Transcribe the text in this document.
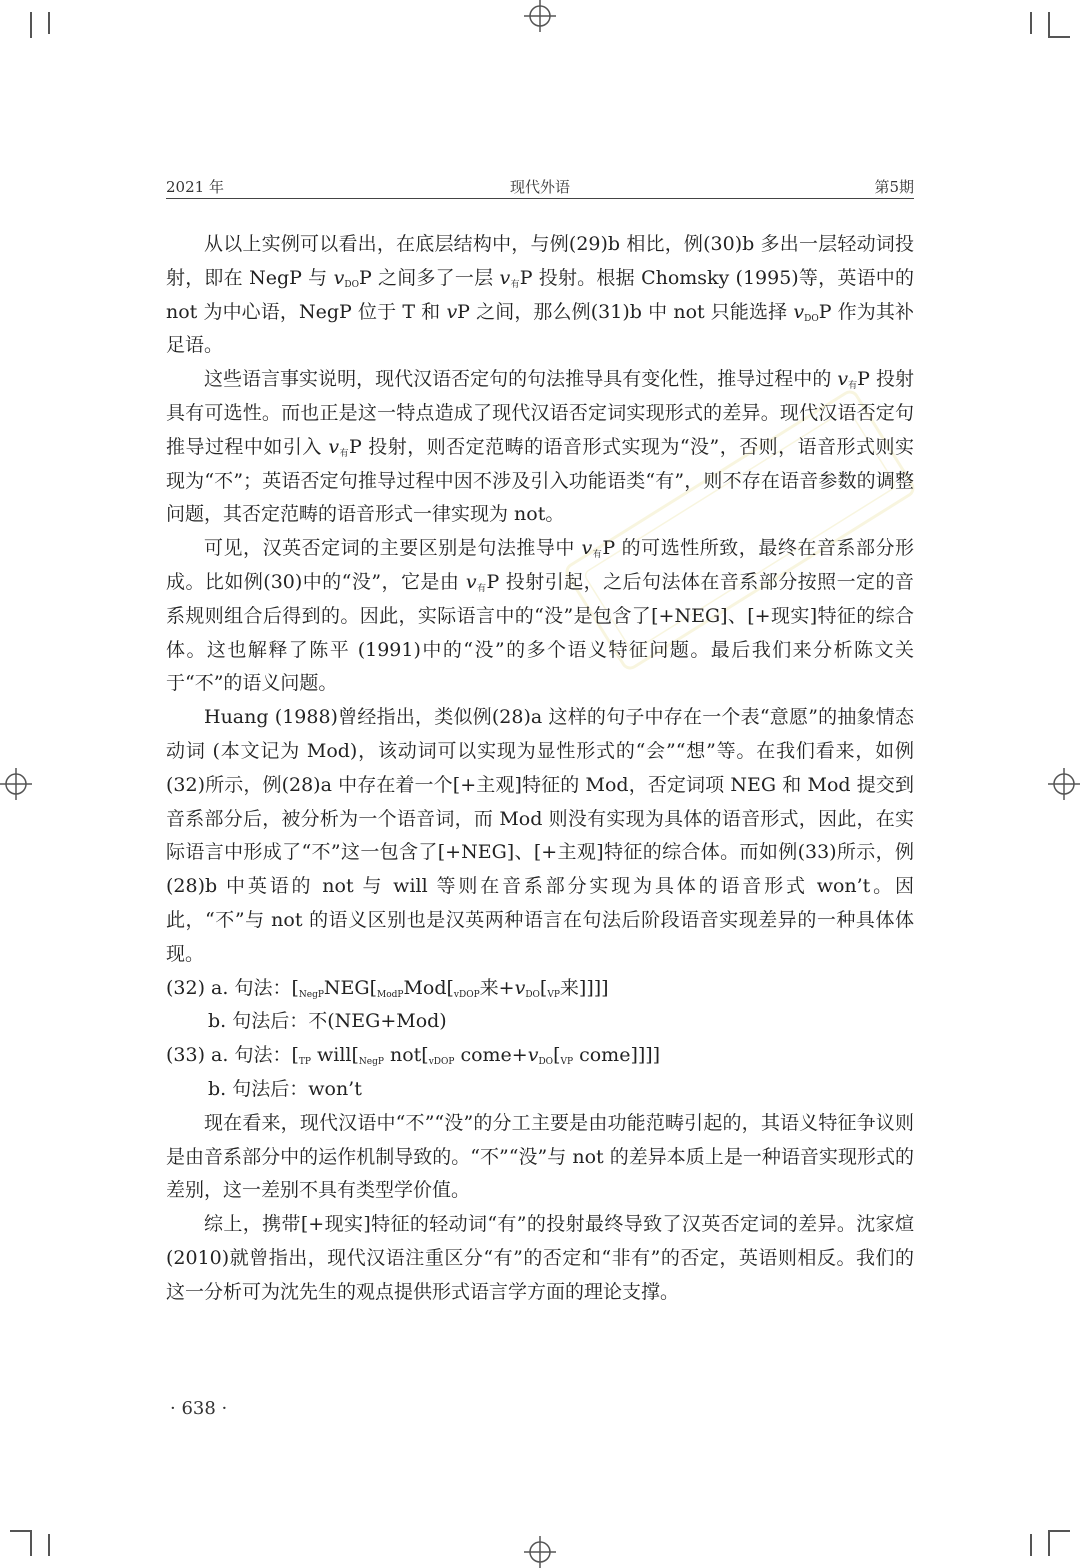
2021 年	现代外语	第5期

从以上实例可以看出，在底层结构中，与例(29)b 相比，例(30)b 多出一层轻动词投射，即在 NegP 与 $v_{DO}P$ 之间多了一层 $v_有P$ 投射。根据 Chomsky (1995)等，英语中的 not 为中心语，NegP 位于 T 和 vP 之间，那么例(31)b 中 not 只能选择 $v_{DO}P$ 作为其补足语。

这些语言事实说明，现代汉语否定句的句法推导具有变化性，推导过程中的 $v_有P$ 投射具有可选性。而也正是这一特点造成了现代汉语否定词实现形式的差异。现代汉语否定句推导过程中如引入 $v_有P$ 投射，则否定范畴的语音形式实现为“没”，否则，语音形式则实现为“不”；英语否定句推导过程中因不涉及引入功能语类“有”，则不存在语音参数的调整问题，其否定范畴的语音形式一律实现为 not。

可见，汉英否定词的主要区别是句法推导中 $v_有P$ 的可选性所致，最终在音系部分形成。比如例(30)中的“没”，它是由 $v_有P$ 投射引起，之后句法体在音系部分按照一定的音系规则组合后得到的。因此，实际语言中的“没”是包含了[+NEG]、[+现实]特征的综合体。这也解释了陈平 (1991)中的“没”的多个语义特征问题。最后我们来分析陈文关于“不”的语义问题。

Huang (1988)曾经指出，类似例(28)a 这样的句子中存在一个表“意愿”的抽象情态动词 (本文记为 Mod)，该动词可以实现为显性形式的“会”“想”等。在我们看来，如例(32)所示，例(28)a 中存在着一个[+主观]特征的 Mod，否定词项 NEG 和 Mod 提交到音系部分后，被分析为一个语音词，而 Mod 则没有实现为具体的语音形式，因此，在实际语言中形成了“不”这一包含了[+NEG]、[+主观]特征的综合体。而如例(33)所示，例(28)b 中英语的 not 与 will 等则在音系部分实现为具体的语音形式 won’t。因此，“不”与 not 的语义区别也是汉英两种语言在句法后阶段语音实现差异的一种具体体现。

(32) a. 句法：[$_{NegP}NEG[_{ModP}Mod[_{vDOP}$来$+v_{DO}[_{VP}$来]]]]
b. 句法后：不(NEG+Mod)
(33) a. 句法：[$_{TP}$ $will[_{NegP}$ $not[_{vDOP}$ $come+v_{DO}[_{VP}$ come]]]]
b. 句法后：won’t

现在看来，现代汉语中“不”“没”的分工主要是由功能范畴引起的，其语义特征争议则是由音系部分中的运作机制导致的。“不”“没”与 not 的差异本质上是一种语音实现形式的差别，这一差别不具有类型学价值。

综上，携带[+现实]特征的轻动词“有”的投射最终导致了汉英否定词的差异。沈家煊 (2010)就曾指出，现代汉语注重区分“有”的否定和“非有”的否定，英语则相反。我们的这一分析可为沈先生的观点提供形式语言学方面的理论支撑。

· 638 ·
